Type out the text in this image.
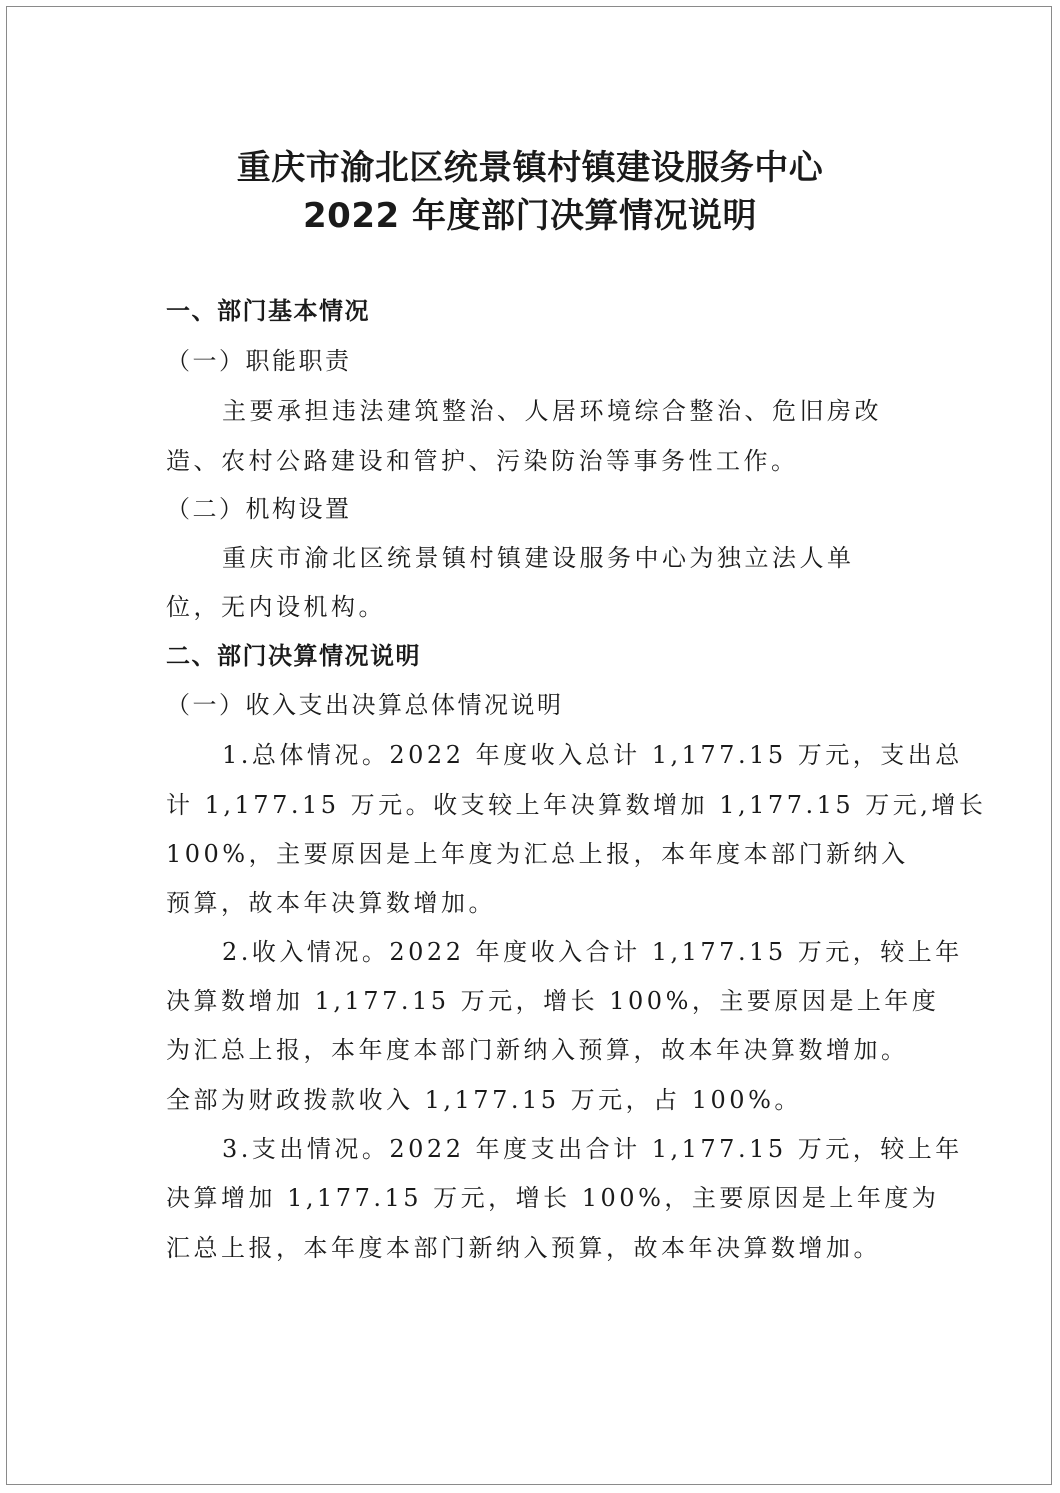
重庆市渝北区统景镇村镇建设服务中心
2022 年度部门决算情况说明
一、部门基本情况
（一）职能职责
主要承担违法建筑整治、人居环境综合整治、危旧房改
造、农村公路建设和管护、污染防治等事务性工作。
（二）机构设置
重庆市渝北区统景镇村镇建设服务中心为独立法人单
位，无内设机构。
二、部门决算情况说明
（一）收入支出决算总体情况说明
1.总体情况。2022 年度收入总计 1,177.15 万元，支出总
计 1,177.15 万元。收支较上年决算数增加 1,177.15 万元,增长
100%，主要原因是上年度为汇总上报，本年度本部门新纳入
预算，故本年决算数增加。
2.收入情况。2022 年度收入合计 1,177.15 万元，较上年
决算数增加 1,177.15 万元，增长 100%，主要原因是上年度
为汇总上报，本年度本部门新纳入预算，故本年决算数增加。
全部为财政拨款收入 1,177.15 万元，占 100%。
3.支出情况。2022 年度支出合计 1,177.15 万元，较上年
决算增加 1,177.15 万元，增长 100%，主要原因是上年度为
汇总上报，本年度本部门新纳入预算，故本年决算数增加。
